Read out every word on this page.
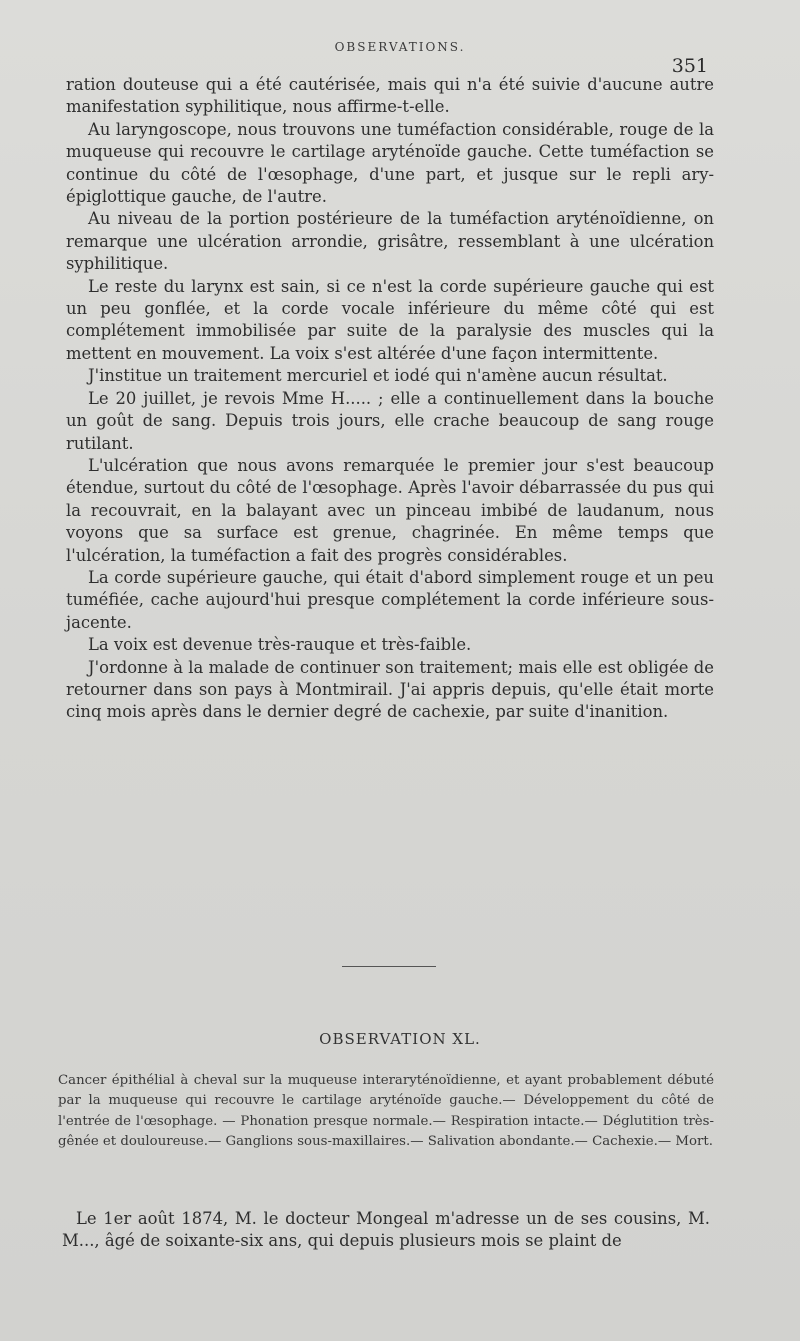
OBSERVATIONS.
351

ration douteuse qui a été cautérisée, mais qui n'a été suivie d'aucune autre manifestation syphilitique, nous affirme-t-elle.

Au laryngoscope, nous trouvons une tuméfaction considérable, rouge de la muqueuse qui recouvre le cartilage aryténoïde gauche. Cette tuméfaction se continue du côté de l'œsophage, d'une part, et jusque sur le repli ary-épiglottique gauche, de l'autre.

Au niveau de la portion postérieure de la tuméfaction aryténoïdienne, on remarque une ulcération arrondie, grisâtre, ressemblant à une ulcération syphilitique.

Le reste du larynx est sain, si ce n'est la corde supérieure gauche qui est un peu gonflée, et la corde vocale inférieure du même côté qui est complétement immobilisée par suite de la paralysie des muscles qui la mettent en mouvement. La voix s'est altérée d'une façon intermittente.

J'institue un traitement mercuriel et iodé qui n'amène aucun résultat.

Le 20 juillet, je revois Mme H..... ; elle a continuellement dans la bouche un goût de sang. Depuis trois jours, elle crache beaucoup de sang rouge rutilant.

L'ulcération que nous avons remarquée le premier jour s'est beaucoup étendue, surtout du côté de l'œsophage. Après l'avoir débarrassée du pus qui la recouvrait, en la balayant avec un pinceau imbibé de laudanum, nous voyons que sa surface est grenue, chagrinée. En même temps que l'ulcération, la tuméfaction a fait des progrès considérables.

La corde supérieure gauche, qui était d'abord simplement rouge et un peu tuméfiée, cache aujourd'hui presque complétement la corde inférieure sous-jacente.

La voix est devenue très-rauque et très-faible.

J'ordonne à la malade de continuer son traitement; mais elle est obligée de retourner dans son pays à Montmirail. J'ai appris depuis, qu'elle était morte cinq mois après dans le dernier degré de cachexie, par suite d'inanition.

OBSERVATION XL.
Cancer épithélial à cheval sur la muqueuse interaryténoïdienne, et ayant probablement débuté par la muqueuse qui recouvre le cartilage aryténoïde gauche.— Développement du côté de l'entrée de l'œsophage. — Phonation presque normale.— Respiration intacte.— Déglutition très-gênée et douloureuse.— Ganglions sous-maxillaires.— Salivation abondante.— Cachexie.— Mort.

Le 1er août 1874, M. le docteur Mongeal m'adresse un de ses cousins, M. M..., âgé de soixante-six ans, qui depuis plusieurs mois se plaint de
